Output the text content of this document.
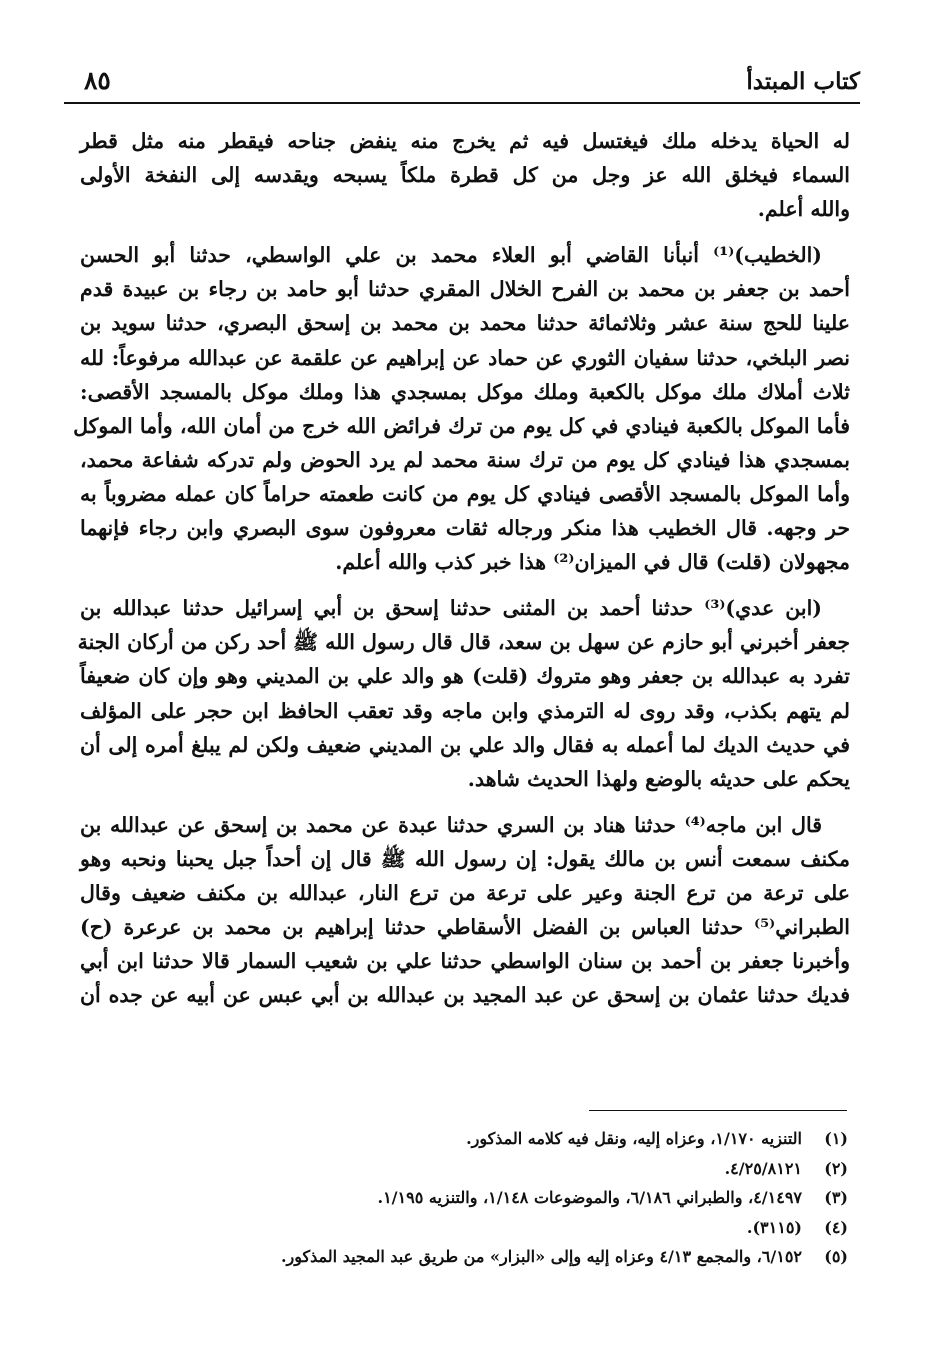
كتاب المبتدأ
٨٥
له الحياة يدخله ملك فيغتسل فيه ثم يخرج منه ينفض جناحه فيقطر منه مثل قطر
السماء فيخلق الله عز وجل من كل قطرة ملكاً يسبحه ويقدسه إلى النفخة الأولى
والله أعلم.
(الخطيب)⁽¹⁾ أنبأنا القاضي أبو العلاء محمد بن علي الواسطي، حدثنا أبو الحسن
أحمد بن جعفر بن محمد بن الفرح الخلال المقري حدثنا أبو حامد بن رجاء بن عبيدة قدم
علينا للحج سنة عشر وثلاثمائة حدثنا محمد بن محمد بن إسحق البصري، حدثنا سويد بن
نصر البلخي، حدثنا سفيان الثوري عن حماد عن إبراهيم عن علقمة عن عبدالله مرفوعاً: لله
ثلاث أملاك ملك موكل بالكعبة وملك موكل بمسجدي هذا وملك موكل بالمسجد الأقصى:
فأما الموكل بالكعبة فينادي في كل يوم من ترك فرائض الله خرج من أمان الله، وأما الموكل
بمسجدي هذا فينادي كل يوم من ترك سنة محمد لم يرد الحوض ولم تدركه شفاعة محمد،
وأما الموكل بالمسجد الأقصى فينادي كل يوم من كانت طعمته حراماً كان عمله مضروباً به
حر وجهه. قال الخطيب هذا منكر ورجاله ثقات معروفون سوى البصري وابن رجاء فإنهما
مجهولان (قلت) قال في الميزان⁽²⁾ هذا خبر كذب والله أعلم.
(ابن عدي)⁽³⁾ حدثنا أحمد بن المثنى حدثنا إسحق بن أبي إسرائيل حدثنا عبدالله بن
جعفر أخبرني أبو حازم عن سهل بن سعد، قال قال رسول الله ﷺ أحد ركن من أركان الجنة
تفرد به عبدالله بن جعفر وهو متروك (قلت) هو والد علي بن المديني وهو وإن كان ضعيفاً
لم يتهم بكذب، وقد روى له الترمذي وابن ماجه وقد تعقب الحافظ ابن حجر على المؤلف
في حديث الديك لما أعمله به فقال والد علي بن المديني ضعيف ولكن لم يبلغ أمره إلى أن
يحكم على حديثه بالوضع ولهذا الحديث شاهد.
قال ابن ماجه⁽⁴⁾ حدثنا هناد بن السري حدثنا عبدة عن محمد بن إسحق عن عبدالله بن
مكنف سمعت أنس بن مالك يقول: إن رسول الله ﷺ قال إن أحداً جبل يحبنا ونحبه وهو
على ترعة من ترع الجنة وعير على ترعة من ترع النار، عبدالله بن مكنف ضعيف وقال
الطبراني⁽⁵⁾ حدثنا العباس بن الفضل الأسقاطي حدثنا إبراهيم بن محمد بن عرعرة (ح)
وأخبرنا جعفر بن أحمد بن سنان الواسطي حدثنا علي بن شعيب السمار قالا حدثنا ابن أبي
فديك حدثنا عثمان بن إسحق عن عبد المجيد بن عبدالله بن أبي عبس عن أبيه عن جده أن
(١)
التنزيه ١/١٧٠، وعزاه إليه، ونقل فيه كلامه المذكور.
(٢)
٤/٢٥/٨١٢١.
(٣)
٤/١٤٩٧، والطبراني ٦/١٨٦، والموضوعات ١/١٤٨، والتنزيه ١/١٩٥.
(٤)
(٣١١٥).
(٥)
٦/١٥٢، والمجمع ٤/١٣ وعزاه إليه وإلى «البزار» من طريق عبد المجيد المذكور.
